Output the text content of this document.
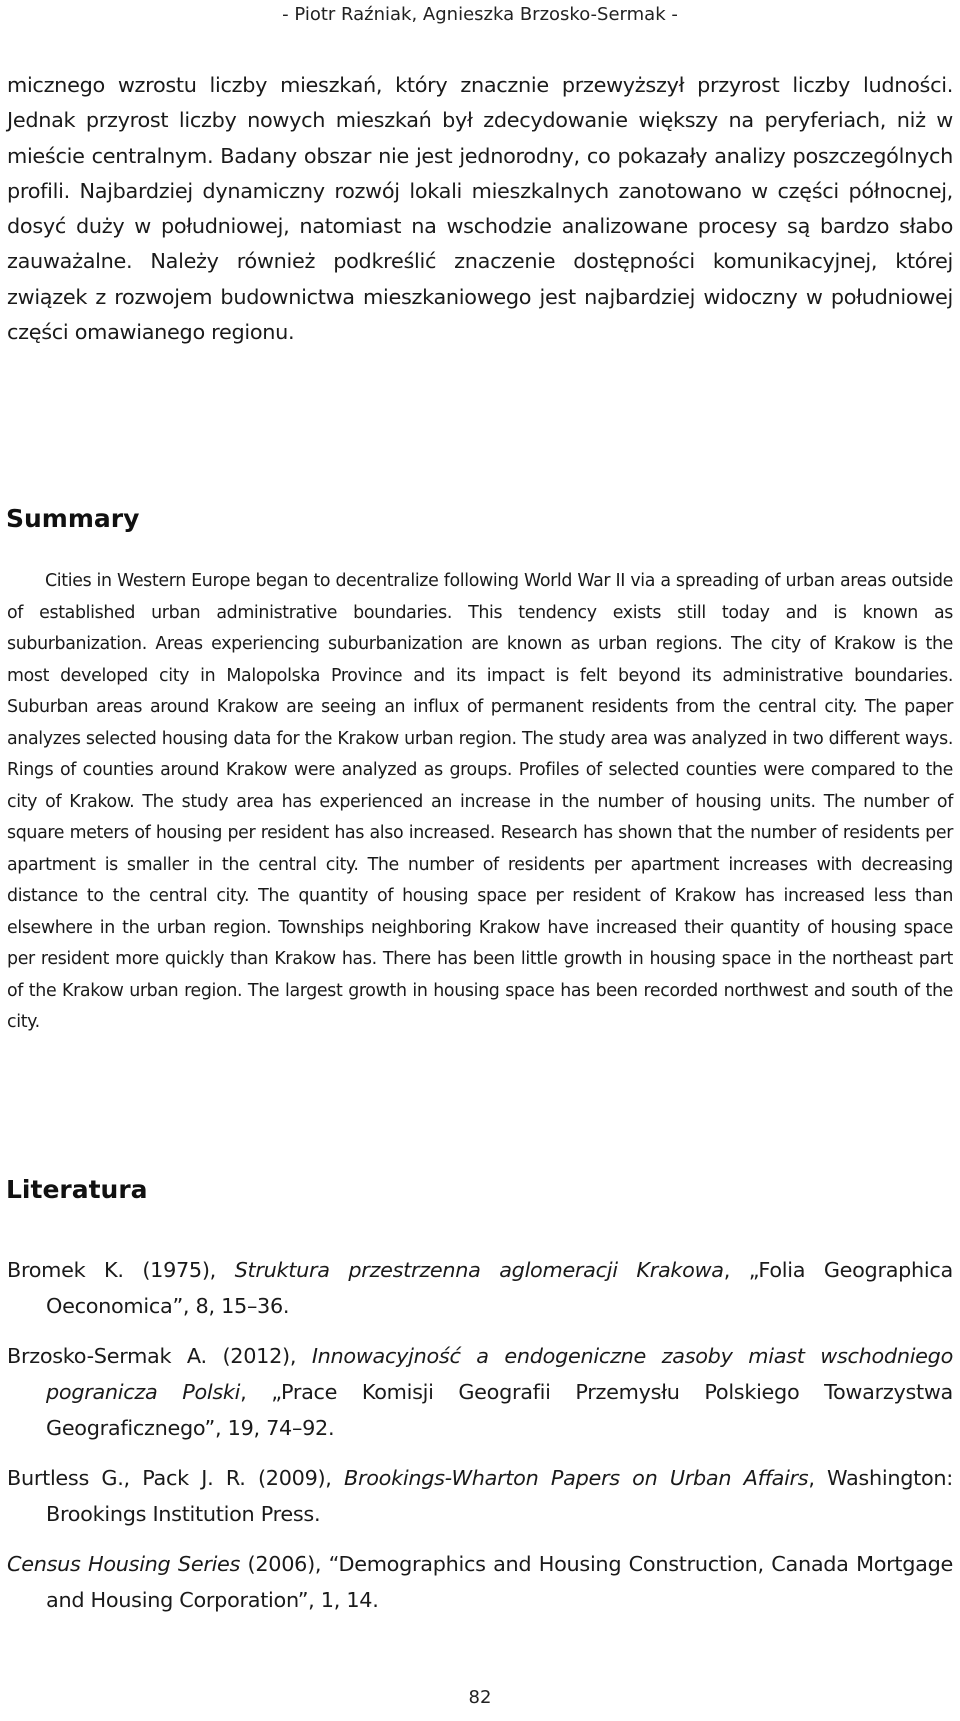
- Piotr Raźniak, Agnieszka Brzosko-Sermak -

micznego wzrostu liczby mieszkań, który znacznie przewyższył przyrost liczby ludności. Jednak przyrost liczby nowych mieszkań był zdecydowanie większy na peryferiach, niż w mieście centralnym. Badany obszar nie jest jednorodny, co pokazały analizy poszczególnych profili. Najbardziej dynamiczny rozwój lokali mieszkalnych zanotowano w części północnej, dosyć duży w południowej, natomiast na wschodzie analizowane procesy są bardzo słabo zauważalne. Należy również podkreślić znaczenie dostępności komunikacyjnej, której związek z rozwojem budownictwa mieszkaniowego jest najbardziej widoczny w południowej części omawianego regionu.

Summary

Cities in Western Europe began to decentralize following World War II via a spreading of urban areas outside of established urban administrative boundaries. This tendency exists still today and is known as suburbanization. Areas experiencing suburbanization are known as urban regions. The city of Krakow is the most developed city in Malopolska Province and its impact is felt beyond its administrative boundaries. Suburban areas around Krakow are seeing an influx of permanent residents from the central city. The paper analyzes selected housing data for the Krakow urban region. The study area was analyzed in two different ways. Rings of counties around Krakow were analyzed as groups. Profiles of selected counties were compared to the city of Krakow. The study area has experienced an increase in the number of housing units. The number of square meters of housing per resident has also increased. Research has shown that the number of residents per apartment is smaller in the central city. The number of residents per apartment increases with decreasing distance to the central city. The quantity of housing space per resident of Krakow has increased less than elsewhere in the urban region. Townships neighboring Krakow have increased their quantity of housing space per resident more quickly than Krakow has. There has been little growth in housing space in the northeast part of the Krakow urban region. The largest growth in housing space has been recorded northwest and south of the city.

Literatura
Bromek K. (1975), Struktura przestrzenna aglomeracji Krakowa, „Folia Geographica Oeconomica”, 8, 15–36.
Brzosko-Sermak A. (2012), Innowacyjność a endogeniczne zasoby miast wschodniego pogranicza Polski, „Prace Komisji Geografii Przemysłu Polskiego Towarzystwa Geograficznego”, 19, 74–92.
Burtless G., Pack J. R. (2009), Brookings-Wharton Papers on Urban Affairs, Washington: Brookings Institution Press.
Census Housing Series (2006), “Demographics and Housing Construction, Canada Mortgage and Housing Corporation”, 1, 14.
82
